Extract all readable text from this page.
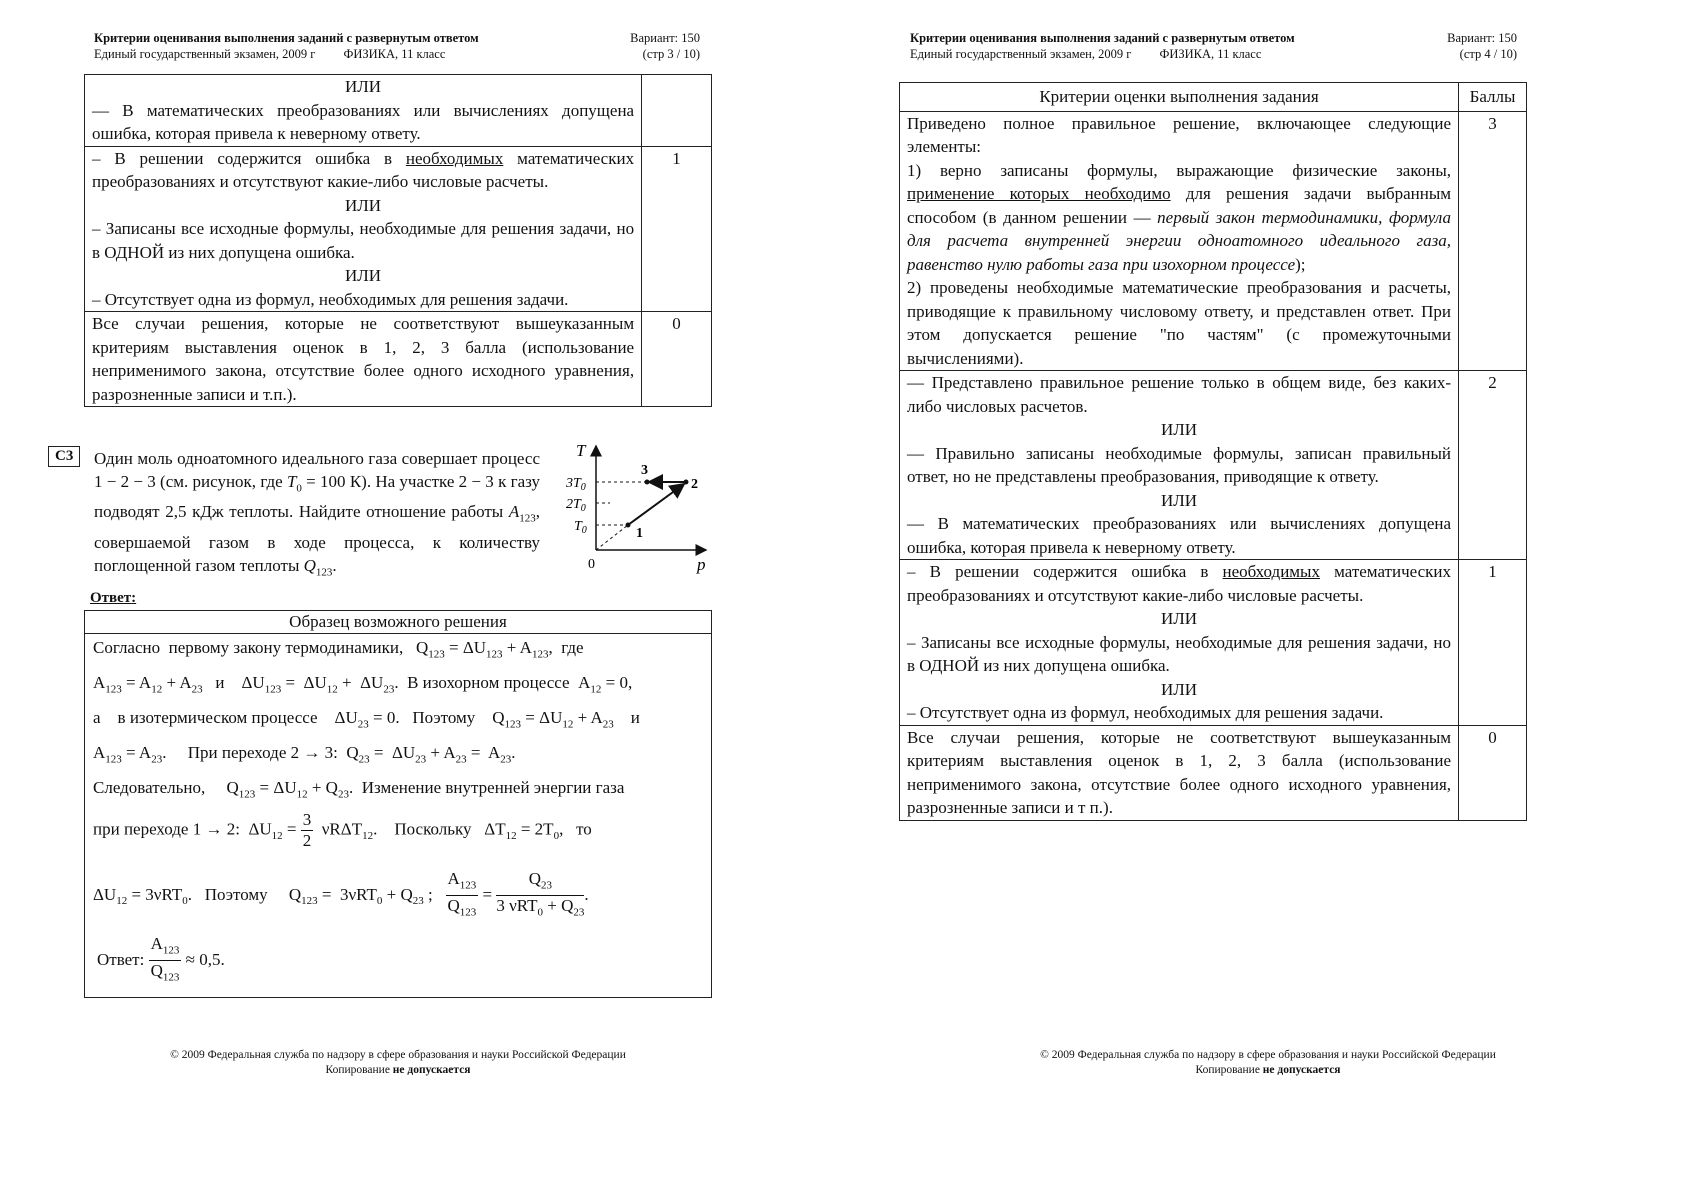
Критерии оценивания выполнения заданий с развернутым ответом
Единый государственный экзамен, 2009 г ФИЗИКА, 11 класс
Вариант: 150
(стр 3 / 10)
ИЛИ
— В математических преобразованиях или вычислениях допущена ошибка, которая привела к неверному ответу.	
– В решении содержится ошибка в необходимых математических преобразованиях и отсутствуют какие-либо числовые расчеты.
ИЛИ
– Записаны все исходные формулы, необходимые для решения задачи, но в ОДНОЙ из них допущена ошибка.
ИЛИ
– Отсутствует одна из формул, необходимых для решения задачи.	1
Все случаи решения, которые не соответствуют вышеуказанным критериям выставления оценок в 1, 2, 3 балла (использование неприменимого закона, отсутствие более одного исходного уравнения, разрозненные записи и т.п.).	0
C3	Один моль одноатомного идеального газа совершает процесс 1 − 2 − 3 (см. рисунок, где $T_0 = 100$ К). На участке 2 − 3 к газу подводят 2,5 кДж теплоты. Найдите отношение работы $A_{123}$, совершаемой газом в ходе процесса, к количеству поглощенной газом теплоты $Q_{123}$.
T
p
0
$3T_0$
$2T_0$
$T_0$	1
2
3
Ответ:
Образец возможного решения
Согласно  первому закону термодинамики,   $Q_{123} = \Delta U_{123} + A_{123}$,  где
$A_{123} = A_{12} + A_{23}$   и    $\Delta U_{123} = \Delta U_{12} + \Delta U_{23}$.  В изохорном процессе  $A_{12} = 0$,
а    в изотермическом процессе    $\Delta U_{23} = 0$.   Поэтому    $Q_{123} = \Delta U_{12} + A_{23}$    и
$A_{123} = A_{23}$.     При переходе 2 → 3:  $Q_{23} = \Delta U_{23} + A_{23} = A_{23}$.
Следовательно,     $Q_{123} = \Delta U_{12} + Q_{23}$.  Изменение внутренней энергии газа
при переходе 1 → 2:  $\Delta U_{12} = \frac{3}{2} \nu R\Delta T_{12}$.    Поскольку   $\Delta T_{12} = 2T_0$,   то
$\Delta U_{12} = 3\nu RT_0$.   Поэтому     $Q_{123} = 3\nu RT_0 + Q_{23}$ ; $\frac{A_{123}}{Q_{123}} = \frac{Q_{23}}{3 \nu RT_0 + Q_{23}}$ .
Ответ: $\frac{A_{123}}{Q_{123}} \approx 0,5$.
© 2009 Федеральная служба по надзору в сфере образования и науки Российской Федерации
Копирование не допускается
Критерии оценивания выполнения заданий с развернутым ответом
Единый государственный экзамен, 2009 г ФИЗИКА, 11 класс
Вариант: 150
(стр 4 / 10)
Критерии оценки выполнения задания	Баллы
Приведено полное правильное решение, включающее следующие элементы:
1) верно записаны формулы, выражающие физические законы, применение которых необходимо для решения задачи выбранным способом (в данном решении — первый закон термодинамики, формула для расчета внутренней энергии одноатомного идеального газа, равенство нулю работы газа при изохорном процессе);
2) проведены необходимые математические преобразования и расчеты, приводящие к правильному числовому ответу, и представлен ответ. При этом допускается решение "по частям" (с промежуточными вычислениями).	3
— Представлено правильное решение только в общем виде, без каких-либо числовых расчетов.
ИЛИ
— Правильно записаны необходимые формулы, записан правильный ответ, но не представлены преобразования, приводящие к ответу.
ИЛИ
— В математических преобразованиях или вычислениях допущена ошибка, которая привела к неверному ответу.	2
– В решении содержится ошибка в необходимых математических преобразованиях и отсутствуют какие-либо числовые расчеты.
ИЛИ
– Записаны все исходные формулы, необходимые для решения задачи, но в ОДНОЙ из них допущена ошибка.
ИЛИ
– Отсутствует одна из формул, необходимых для решения задачи.	1
Все случаи решения, которые не соответствуют вышеуказанным критериям выставления оценок в 1, 2, 3 балла (использование неприменимого закона, отсутствие более одного исходного уравнения, разрозненные записи и т п.).	0
© 2009 Федеральная служба по надзору в сфере образования и науки Российской Федерации
Копирование не допускается
